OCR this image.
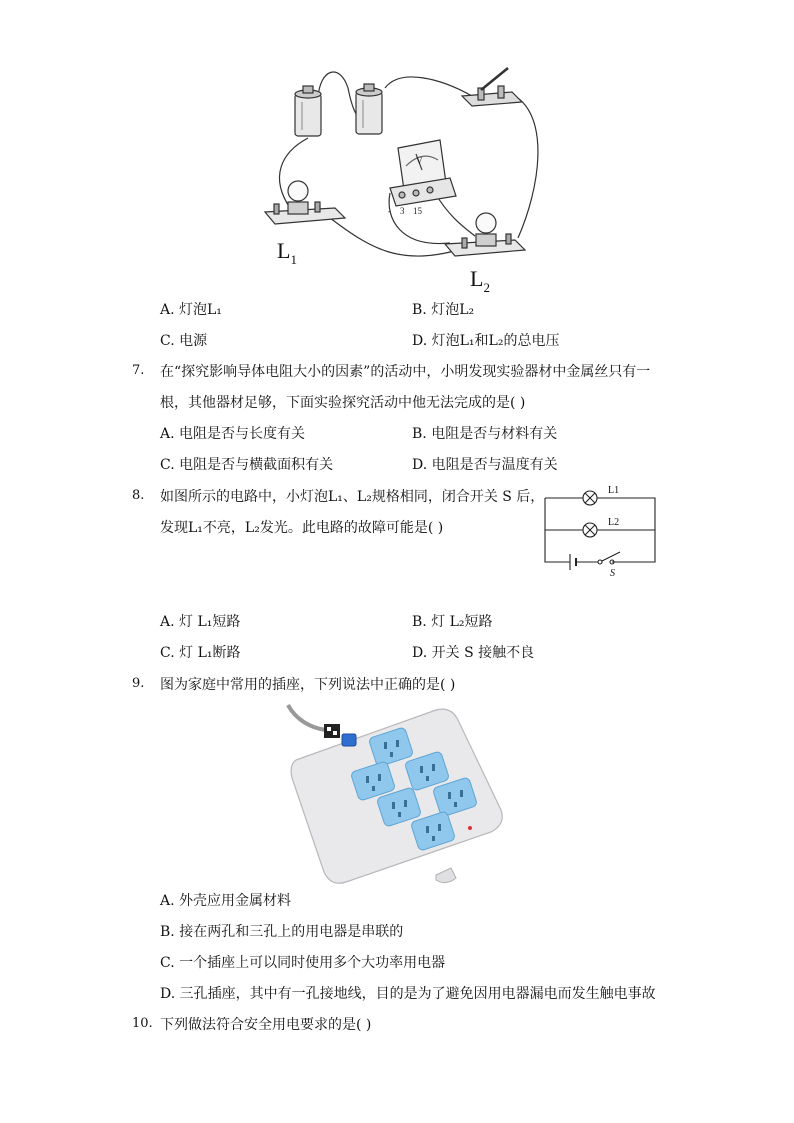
V
- 3 15
$L_1$
$L_2$
A. 灯泡L₁	B. 灯泡L₂
C. 电源	D. 灯泡L₁和L₂的总电压
7. 在“探究影响导体电阻大小的因素”的活动中，小明发现实验器材中金属丝只有一
根，其他器材足够，下面实验探究活动中他无法完成的是( )
A. 电阻是否与长度有关	B. 电阻是否与材料有关
C. 电阻是否与横截面积有关	D. 电阻是否与温度有关
8. 如图所示的电路中，小灯泡L₁、L₂规格相同，闭合开关 S 后，
发现L₁不亮，L₂发光。此电路的故障可能是( )
L1
L2
S
A. 灯 L₁短路	B. 灯 L₂短路
C. 灯 L₁断路	D. 开关 S 接触不良
9. 图为家庭中常用的插座，下列说法中正确的是( )
A. 外壳应用金属材料
B. 接在两孔和三孔上的用电器是串联的
C. 一个插座上可以同时使用多个大功率用电器
D. 三孔插座，其中有一孔接地线，目的是为了避免因用电器漏电而发生触电事故
10. 下列做法符合安全用电要求的是( )
